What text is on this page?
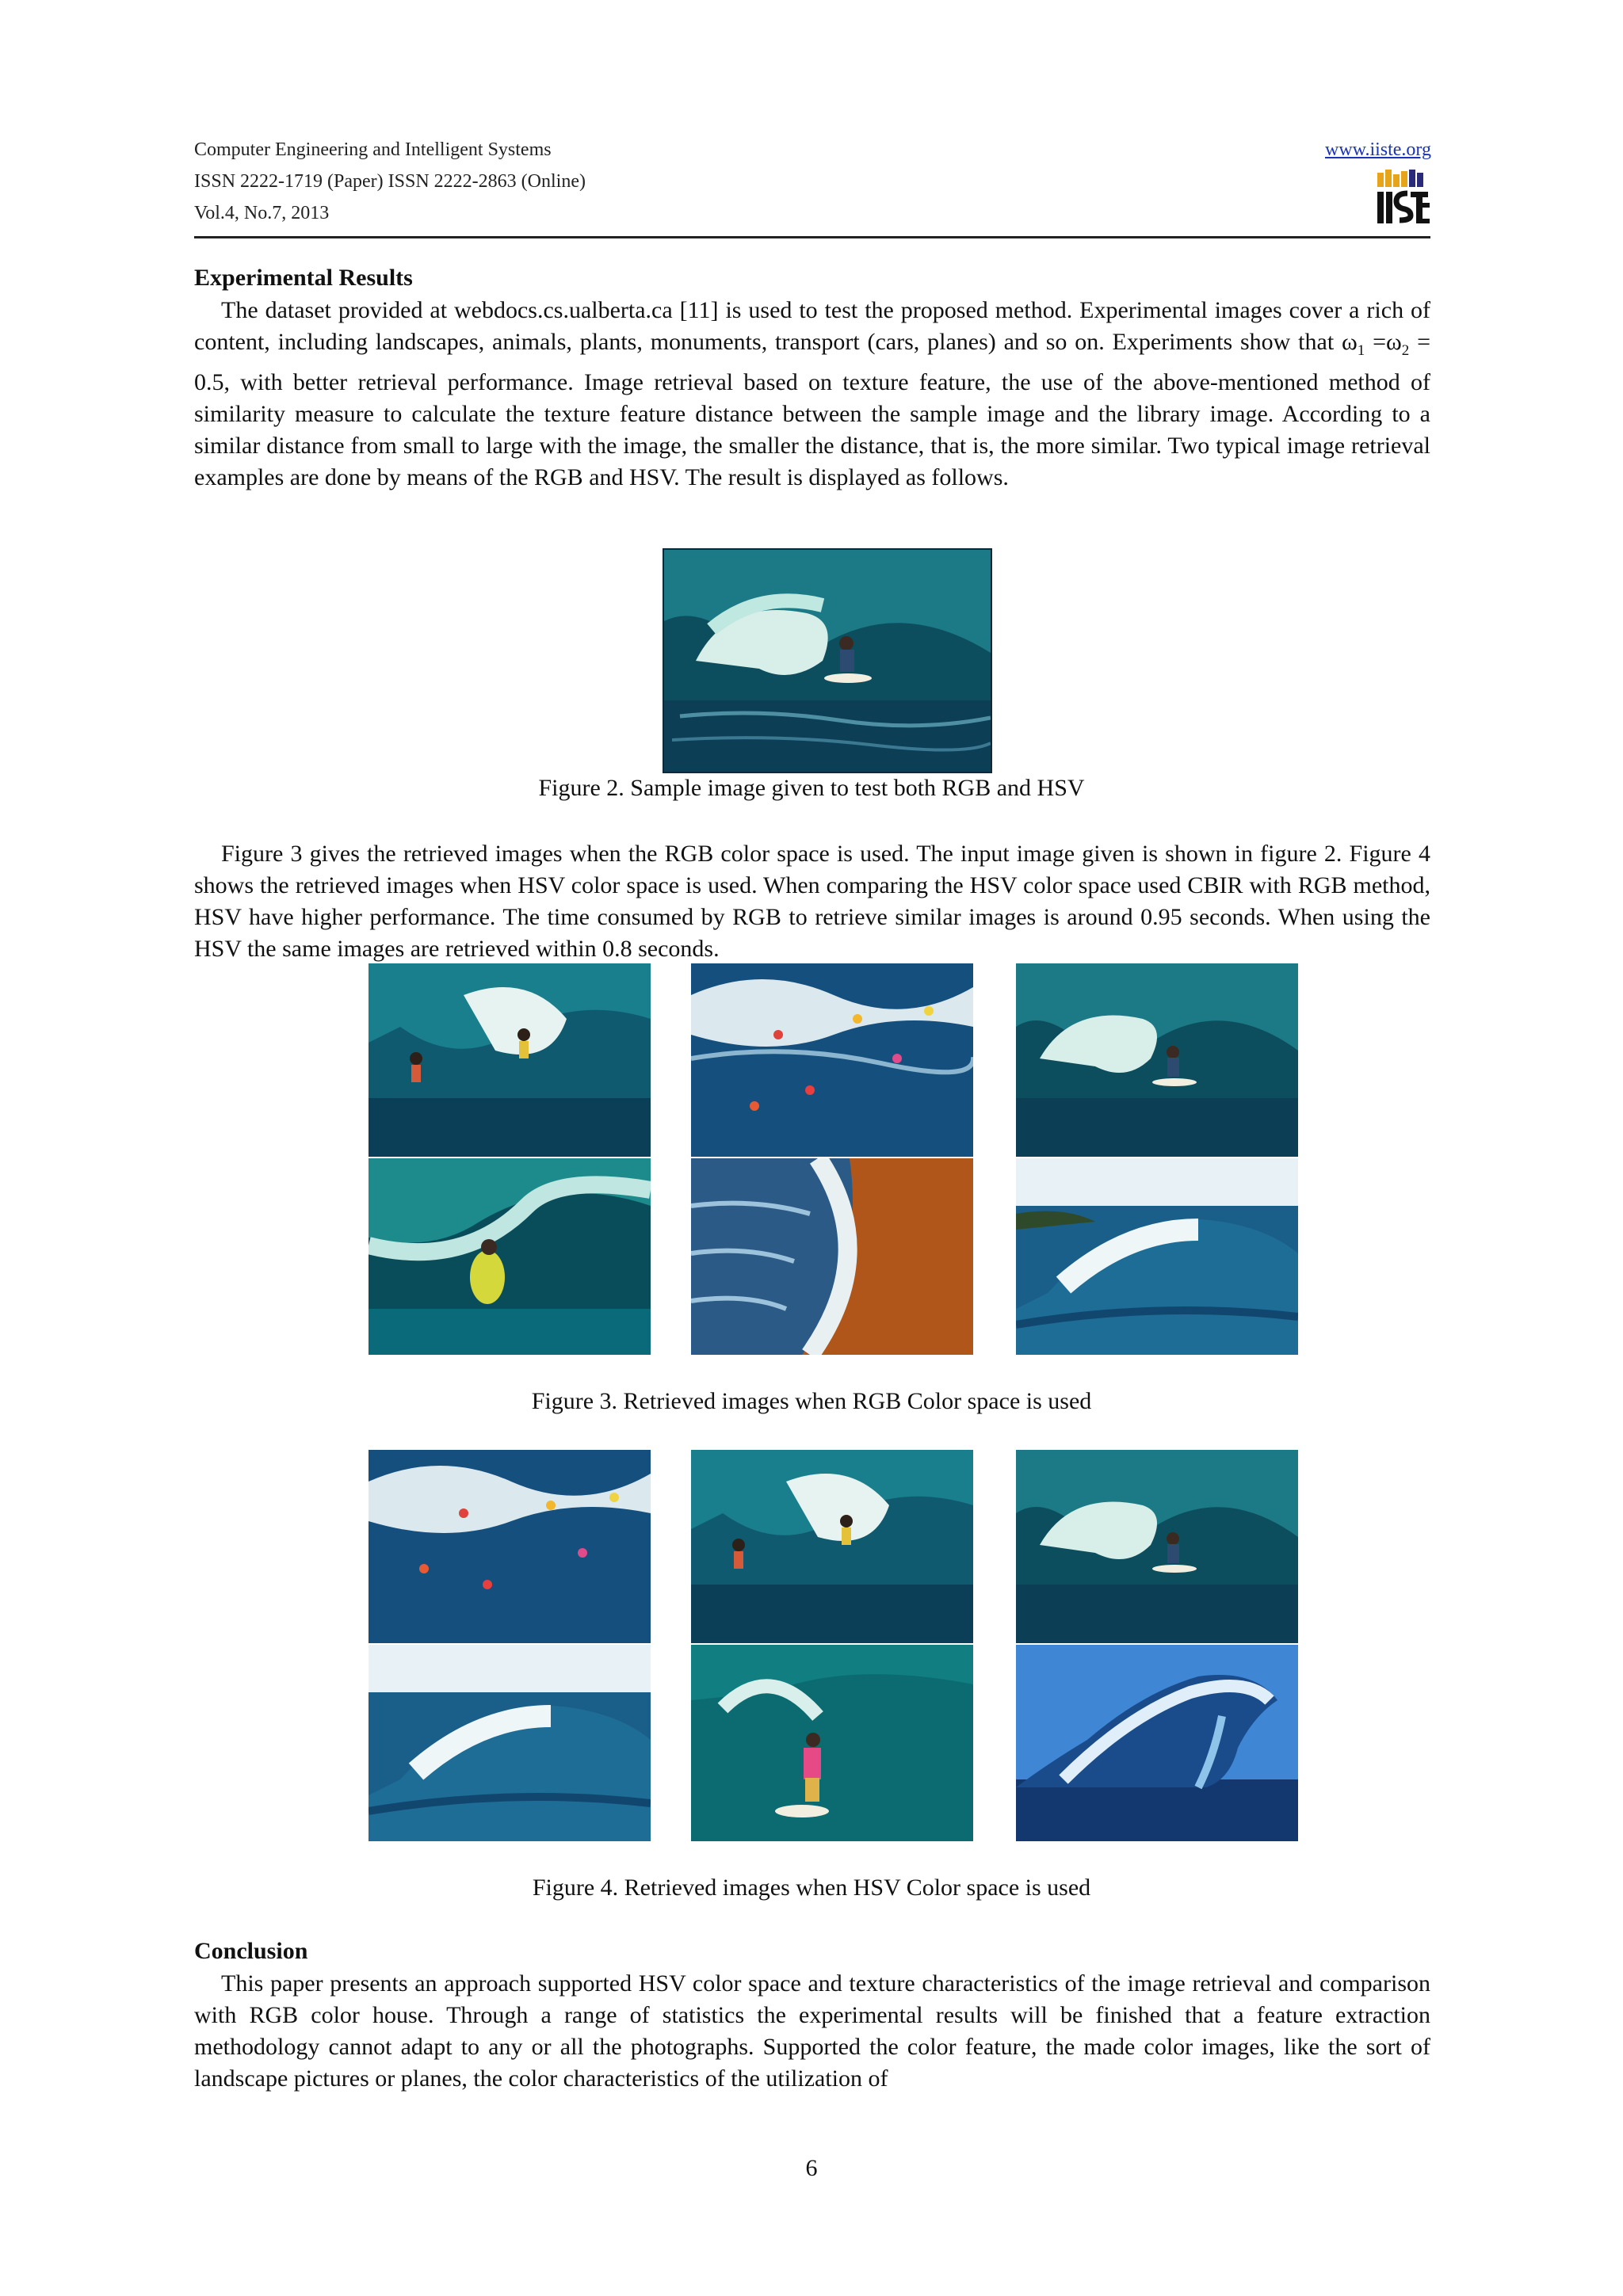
Computer Engineering and Intelligent Systems
ISSN 2222-1719 (Paper) ISSN 2222-2863 (Online)
Vol.4, No.7, 2013
www.iiste.org
Experimental Results

The dataset provided at webdocs.cs.ualberta.ca [11] is used to test the proposed method. Experimental images cover a rich of content, including landscapes, animals, plants, monuments, transport (cars, planes) and so on. Experiments show that $\omega_1 =\omega_2 = 0.5$, with better retrieval performance. Image retrieval based on texture feature, the use of the above-mentioned method of similarity measure to calculate the texture feature distance between the sample image and the library image. According to a similar distance from small to large with the image, the smaller the distance, that is, the more similar. Two typical image retrieval examples are done by means of the RGB and HSV. The result is displayed as follows.

Figure 2. Sample image given to test both RGB and HSV

Figure 3 gives the retrieved images when the RGB color space is used. The input image given is shown in figure 2. Figure 4 shows the retrieved images when HSV color space is used. When comparing the HSV color space used CBIR with RGB method, HSV have higher performance. The time consumed by RGB to retrieve similar images is around 0.95 seconds. When using the HSV the same images are retrieved within 0.8 seconds.

Figure 3. Retrieved images when RGB Color space is used
Figure 4. Retrieved images when HSV Color space is used
Conclusion

This paper presents an approach supported HSV color space and texture characteristics of the image retrieval and comparison with RGB color house. Through a range of statistics the experimental results will be finished that a feature extraction methodology cannot adapt to any or all the photographs. Supported the color feature, the made color images, like the sort of landscape pictures or planes, the color characteristics of the utilization of

6
